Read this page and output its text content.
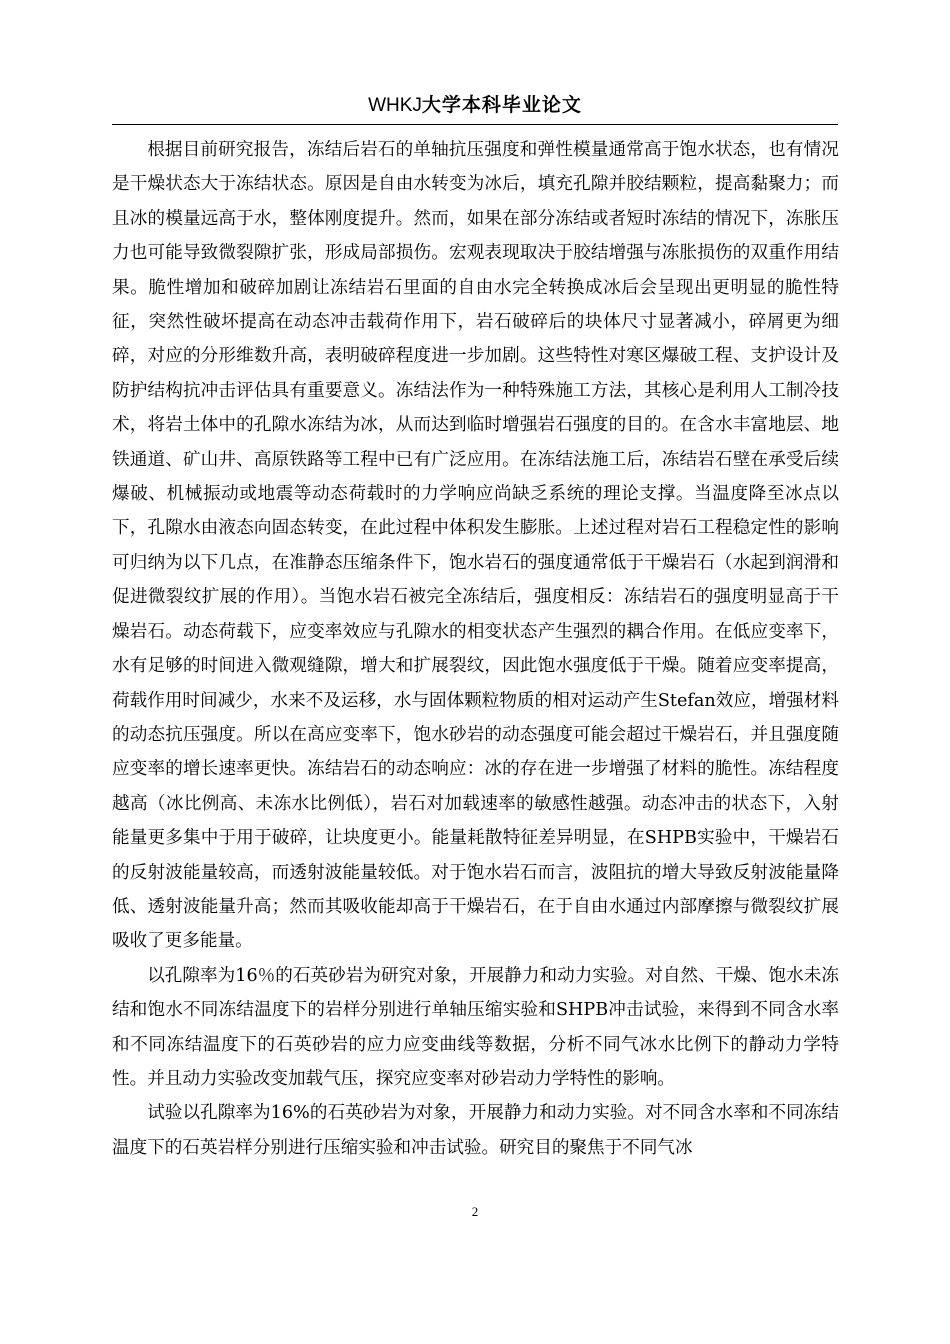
WHKJ大学本科毕业论文

根据目前研究报告，冻结后岩石的单轴抗压强度和弹性模量通常高于饱水状态，也有情况是干燥状态大于冻结状态。原因是自由水转变为冰后，填充孔隙并胶结颗粒，提高黏聚力；而且冰的模量远高于水，整体刚度提升。然而，如果在部分冻结或者短时冻结的情况下，冻胀压力也可能导致微裂隙扩张，形成局部损伤。宏观表现取决于胶结增强与冻胀损伤的双重作用结果。脆性增加和破碎加剧让冻结岩石里面的自由水完全转换成冰后会呈现出更明显的脆性特征，突然性破坏提高在动态冲击载荷作用下，岩石破碎后的块体尺寸显著减小，碎屑更为细碎，对应的分形维数升高，表明破碎程度进一步加剧。这些特性对寒区爆破工程、支护设计及防护结构抗冲击评估具有重要意义。冻结法作为一种特殊施工方法，其核心是利用人工制冷技术，将岩土体中的孔隙水冻结为冰，从而达到临时增强岩石强度的目的。在含水丰富地层、地铁通道、矿山井、高原铁路等工程中已有广泛应用。在冻结法施工后，冻结岩石壁在承受后续爆破、机械振动或地震等动态荷载时的力学响应尚缺乏系统的理论支撑。当温度降至冰点以下，孔隙水由液态向固态转变，在此过程中体积发生膨胀。上述过程对岩石工程稳定性的影响可归纳为以下几点，在准静态压缩条件下，饱水岩石的强度通常低于干燥岩石（水起到润滑和促进微裂纹扩展的作用）。当饱水岩石被完全冻结后，强度相反：冻结岩石的强度明显高于干燥岩石。动态荷载下，应变率效应与孔隙水的相变状态产生强烈的耦合作用。在低应变率下，水有足够的时间进入微观缝隙，增大和扩展裂纹，因此饱水强度低于干燥。随着应变率提高，荷载作用时间减少，水来不及运移，水与固体颗粒物质的相对运动产生Stefan效应，增强材料的动态抗压强度。所以在高应变率下，饱水砂岩的动态强度可能会超过干燥岩石，并且强度随应变率的增长速率更快。冻结岩石的动态响应：冰的存在进一步增强了材料的脆性。冻结程度越高（冰比例高、未冻水比例低），岩石对加载速率的敏感性越强。动态冲击的状态下，入射能量更多集中于用于破碎，让块度更小。能量耗散特征差异明显，在SHPB实验中，干燥岩石的反射波能量较高，而透射波能量较低。对于饱水岩石而言，波阻抗的增大导致反射波能量降低、透射波能量升高；然而其吸收能却高于干燥岩石，在于自由水通过内部摩擦与微裂纹扩展吸收了更多能量。

以孔隙率为16％的石英砂岩为研究对象，开展静力和动力实验。对自然、干燥、饱水未冻结和饱水不同冻结温度下的岩样分别进行单轴压缩实验和SHPB冲击试验，来得到不同含水率和不同冻结温度下的石英砂岩的应力应变曲线等数据，分析不同气冰水比例下的静动力学特性。并且动力实验改变加载气压，探究应变率对砂岩动力学特性的影响。

试验以孔隙率为16%的石英砂岩为对象，开展静力和动力实验。对不同含水率和不同冻结温度下的石英岩样分别进行压缩实验和冲击试验。研究目的聚焦于不同气冰

2
